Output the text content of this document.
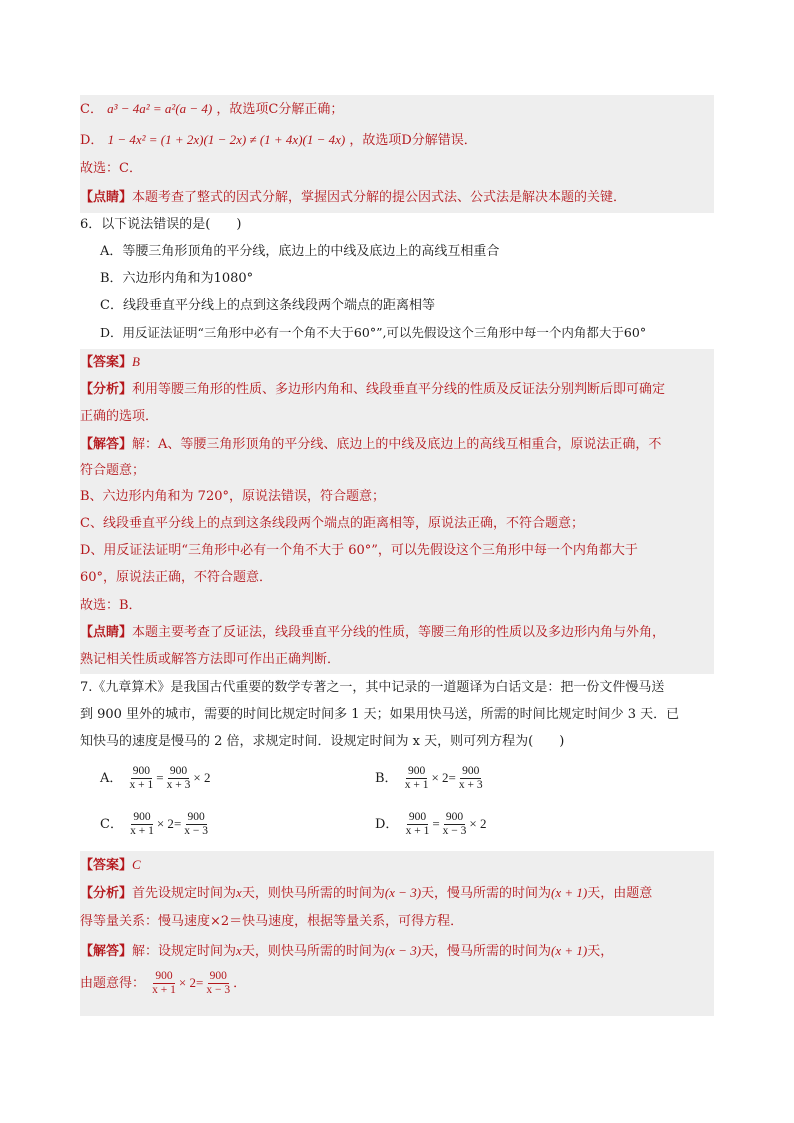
C． a³ − 4a² = a²(a − 4) ，故选项C分解正确；
D． 1 − 4x² = (1 + 2x)(1 − 2x) ≠ (1 + 4x)(1 − 4x) ，故选项D分解错误．
故选：C．
【点睛】本题考查了整式的因式分解，掌握因式分解的提公因式法、公式法是解决本题的关键．
6．以下说法错误的是(　　)
A．等腰三角形顶角的平分线，底边上的中线及底边上的高线互相重合
B．六边形内角和为1080°
C．线段垂直平分线上的点到这条线段两个端点的距离相等
D．用反证法证明“三角形中必有一个角不大于60°”,可以先假设这个三角形中每一个内角都大于60°
【答案】B
【分析】利用等腰三角形的性质、多边形内角和、线段垂直平分线的性质及反证法分别判断后即可确定
正确的选项．
【解答】解：A、等腰三角形顶角的平分线、底边上的中线及底边上的高线互相重合，原说法正确，不
符合题意；
B、六边形内角和为 720°，原说法错误，符合题意；
C、线段垂直平分线上的点到这条线段两个端点的距离相等，原说法正确，不符合题意；
D、用反证法证明“三角形中必有一个角不大于 60°”，可以先假设这个三角形中每一个内角都大于
60°，原说法正确，不符合题意．
故选：B．
【点睛】本题主要考查了反证法，线段垂直平分线的性质，等腰三角形的性质以及多边形内角与外角，
熟记相关性质或解答方法即可作出正确判断．
7.《九章算术》是我国古代重要的数学专著之一，其中记录的一道题译为白话文是：把一份文件慢马送
到 900 里外的城市，需要的时间比规定时间多 1 天；如果用快马送，所需的时间比规定时间少 3 天．已
知快马的速度是慢马的 2 倍，求规定时间．设规定时间为 x 天，则可列方程为(　　)
A． $\frac{900}{x + 1} = \frac{900}{x + 3} \times 2$	B． $\frac{900}{x + 1} \times 2= \frac{900}{x + 3}$
C． $\frac{900}{x + 1} \times 2= \frac{900}{x - 3}$	D． $\frac{900}{x + 1} = \frac{900}{x - 3} \times 2$
【答案】C
【分析】首先设规定时间为x天，则快马所需的时间为(x − 3)天，慢马所需的时间为(x + 1)天，由题意
得等量关系：慢马速度×2＝快马速度，根据等量关系，可得方程．
【解答】解：设规定时间为x天，则快马所需的时间为(x − 3)天，慢马所需的时间为(x + 1)天，
由题意得： $\frac{900}{x + 1} \times 2= \frac{900}{x - 3}$ ．
